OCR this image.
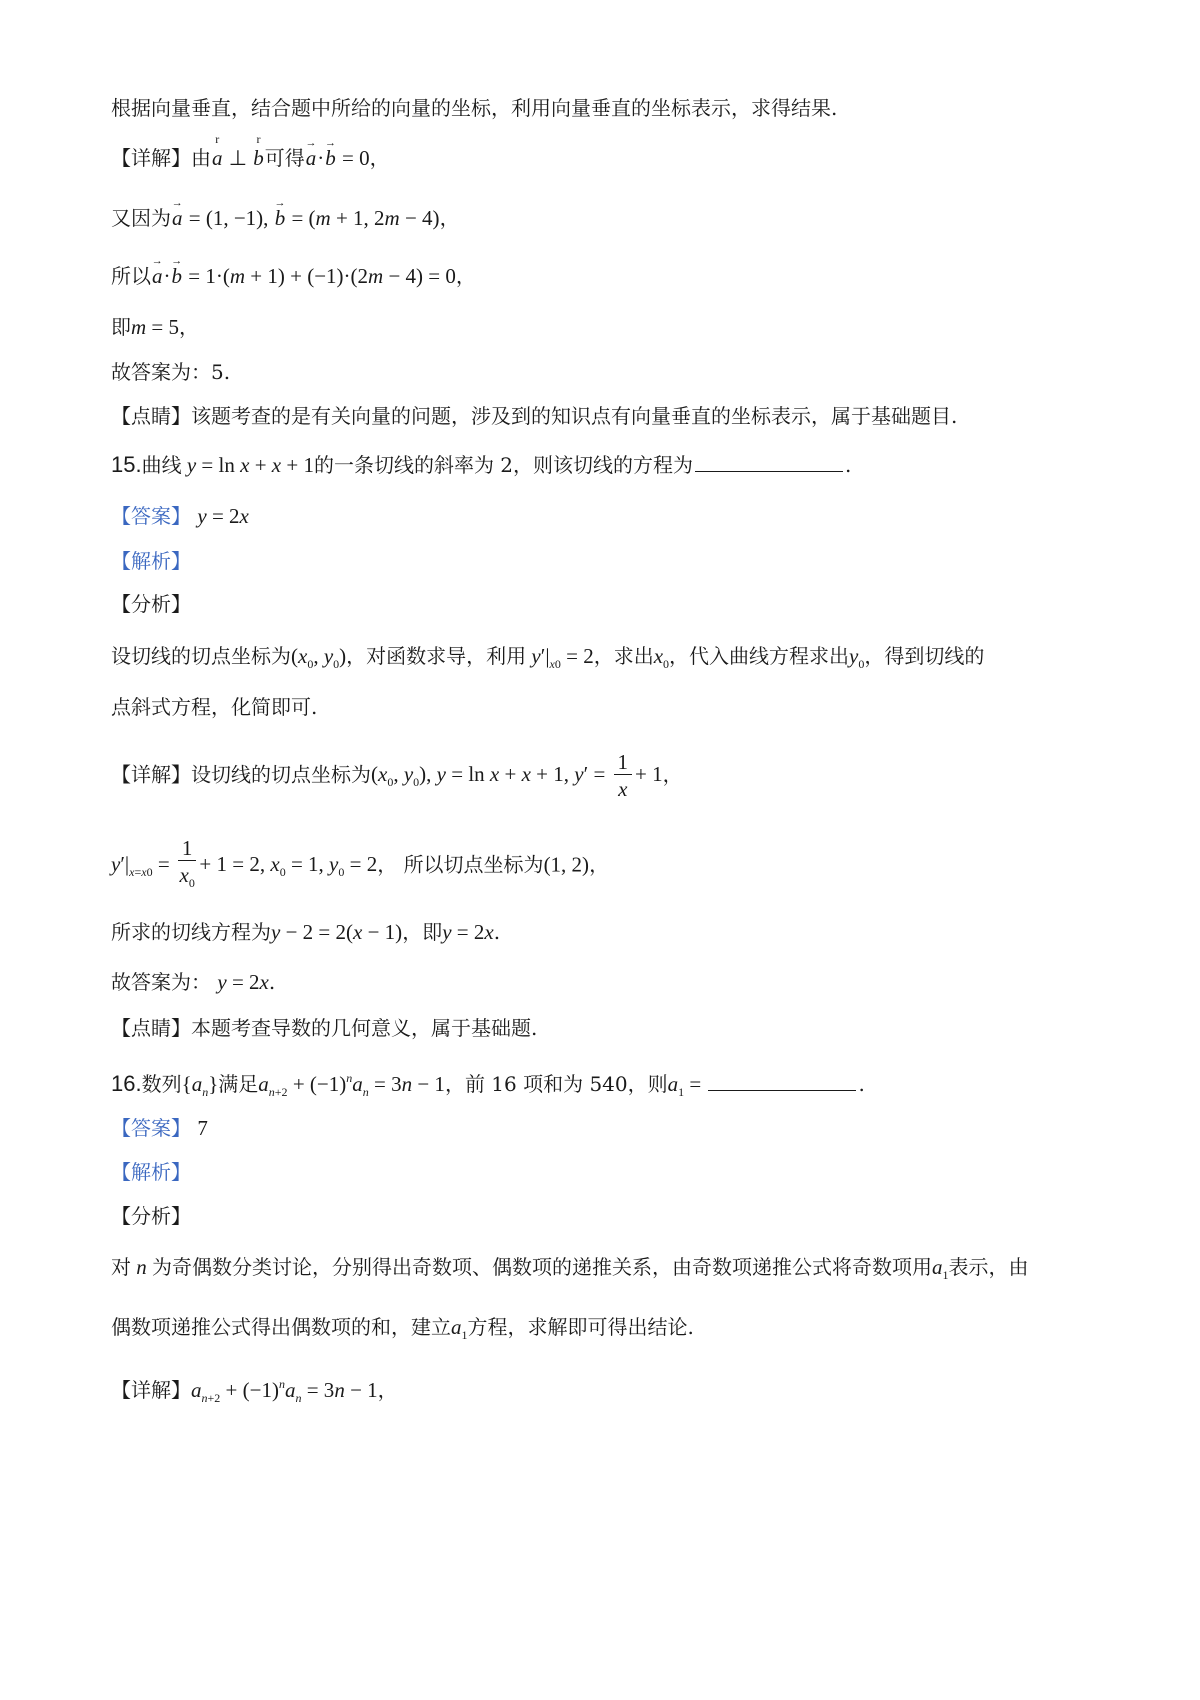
根据向量垂直，结合题中所给的向量的坐标，利用向量垂直的坐标表示，求得结果.
【详解】由r a ⊥ r b可得→ a·→ b = 0，
又因为→ a = (1, −1), → b = (m + 1, 2m − 4)，
所以→ a·→ b = 1·(m + 1) + (−1)·(2m − 4) = 0，
即m = 5，
故答案为：5.
【点睛】该题考查的是有关向量的问题，涉及到的知识点有向量垂直的坐标表示，属于基础题目.
15.曲线 y = ln x + x + 1的一条切线的斜率为 2，则该切线的方程为	.
【答案】 y = 2x
【解析】
【分析】
设切线的切点坐标为($x_0$, $y_0$)，对函数求导，利用 $y'|_{x0} = 2$，求出$x_0$，代入曲线方程求出$y_0$，得到切线的
点斜式方程，化简即可.
【详解】设切线的切点坐标为($x_0$, $y_0$), y = ln x + x + 1, $y' = \frac{1}{x} + 1$，
$y'|_{x=x0} = \frac{1}{x_0} + 1 = 2$, $x_0 = 1$, $y_0 = 2$， 所以切点坐标为(1, 2)，
所求的切线方程为y − 2 = 2(x − 1)，即y = 2x.
故答案为： y = 2x.
【点睛】本题考查导数的几何意义，属于基础题.
16.数列$\{a_n\}$满足$a_{n+2} + (-1)^na_n = 3n - 1$，前 16 项和为 540，则$a_1$ =	.
【答案】 7
【解析】
【分析】
对 n 为奇偶数分类讨论，分别得出奇数项、偶数项的递推关系，由奇数项递推公式将奇数项用$a_1$表示，由
偶数项递推公式得出偶数项的和，建立$a_1$方程，求解即可得出结论.
【详解】$a_{n+2} + (-1)^na_n = 3n - 1$，
